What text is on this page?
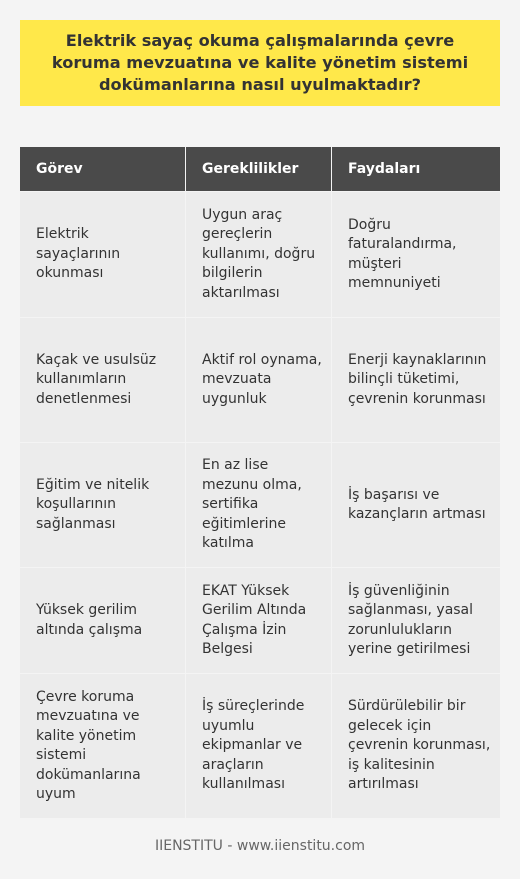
Elektrik sayaç okuma çalışmalarında çevre koruma mevzuatına ve kalite yönetim sistemi dokümanlarına nasıl uyulmaktadır?

Görev	Gereklilikler	Faydaları
Elektrik sayaçlarının okunması	Uygun araç gereçlerin kullanımı, doğru bilgilerin aktarılması	Doğru faturalandırma, müşteri memnuniyeti
Kaçak ve usulsüz kullanımların denetlenmesi	Aktif rol oynama, mevzuata uygunluk	Enerji kaynaklarının bilinçli tüketimi, çevrenin korunması
Eğitim ve nitelik koşullarının sağlanması	En az lise mezunu olma, sertifika eğitimlerine katılma	İş başarısı ve kazançların artması
Yüksek gerilim altında çalışma	EKAT Yüksek Gerilim Altında Çalışma İzin Belgesi	İş güvenliğinin sağlanması, yasal zorunlulukların yerine getirilmesi
Çevre koruma mevzuatına ve kalite yönetim sistemi dokümanlarına uyum	İş süreçlerinde uyumlu ekipmanlar ve araçların kullanılması	Sürdürülebilir bir gelecek için çevrenin korunması, iş kalitesinin artırılması
IIENSTITU - www.iienstitu.com
